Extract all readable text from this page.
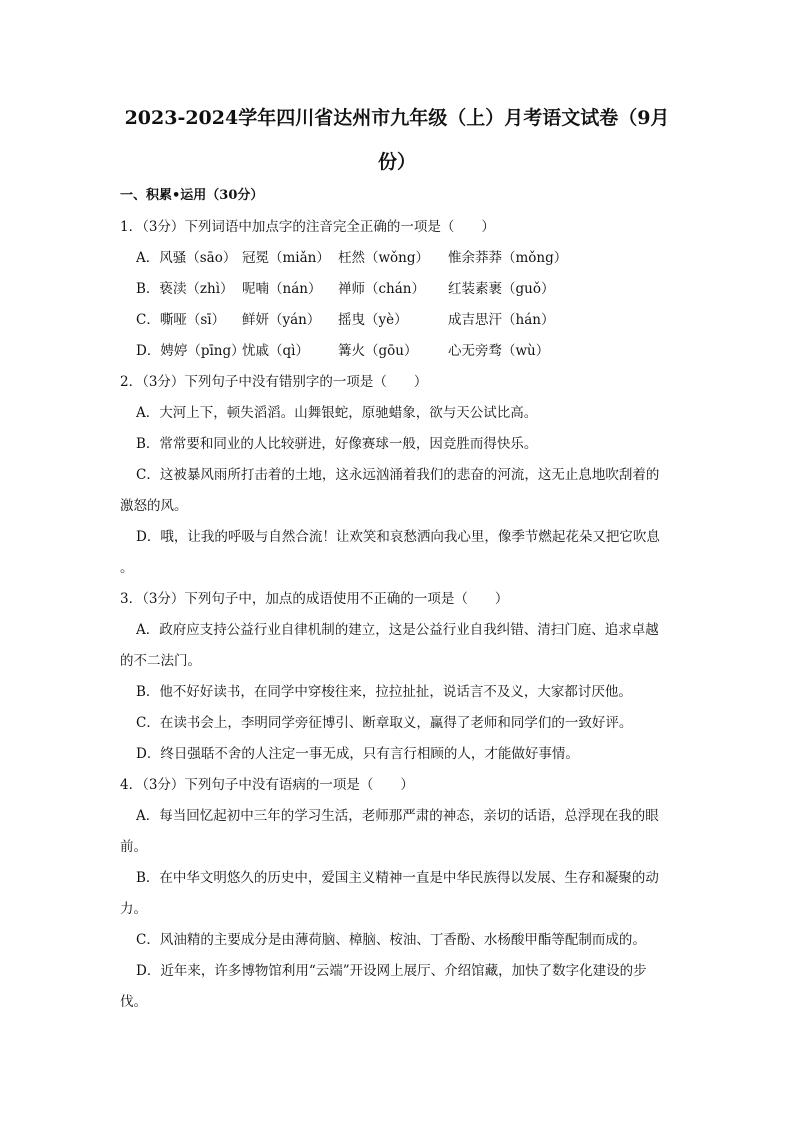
2023-2024学年四川省达州市九年级（上）月考语文试卷（9月
份）
一、积累•运用（30分）
1．（3分）下列词语中加点字的注音完全正确的一项是（　　）
A．风骚（sāo） 冠冕（miǎn） 枉然（wǒng） 惟余莽莽（mǒng）
B．亵渎（zhì） 呢喃（nán） 禅师（chán） 红装素裹（guǒ）
C．嘶哑（sī） 鲜妍（yán） 摇曳（yè）	成吉思汗（hán）
D．娉婷（pīng）忧戚（qì） 篝火（gōu） 心无旁骛（wù）
2．（3分）下列句子中没有错别字的一项是（　　）
A．大河上下，顿失滔滔。山舞银蛇，原驰蜡象，欲与天公试比高。
B．常常要和同业的人比较骈进，好像赛球一般，因竞胜而得快乐。
C．这被暴风雨所打击着的土地，这永远汹涌着我们的悲奋的河流，这无止息地吹刮着的
激怒的风。
D．哦，让我的呼吸与自然合流！让欢笑和哀愁洒向我心里，像季节燃起花朵又把它吹息
。
3．（3分）下列句子中，加点的成语使用不正确的一项是（　　）
A．政府应支持公益行业自律机制的建立，这是公益行业自我纠错、清扫门庭、追求卓越
的不二法门。
B．他不好好读书，在同学中穿梭往来，拉拉扯扯，说话言不及义，大家都讨厌他。
C．在读书会上，李明同学旁征博引、断章取义，赢得了老师和同学们的一致好评。
D．终日强聒不舍的人注定一事无成，只有言行相顾的人，才能做好事情。
4．（3分）下列句子中没有语病的一项是（　　）
A．每当回忆起初中三年的学习生活，老师那严肃的神态，亲切的话语，总浮现在我的眼
前。
B．在中华文明悠久的历史中，爱国主义精神一直是中华民族得以发展、生存和凝聚的动
力。
C．风油精的主要成分是由薄荷脑、樟脑、桉油、丁香酚、水杨酸甲酯等配制而成的。
D．近年来，许多博物馆利用“云端”开设网上展厅、介绍馆藏，加快了数字化建设的步
伐。
